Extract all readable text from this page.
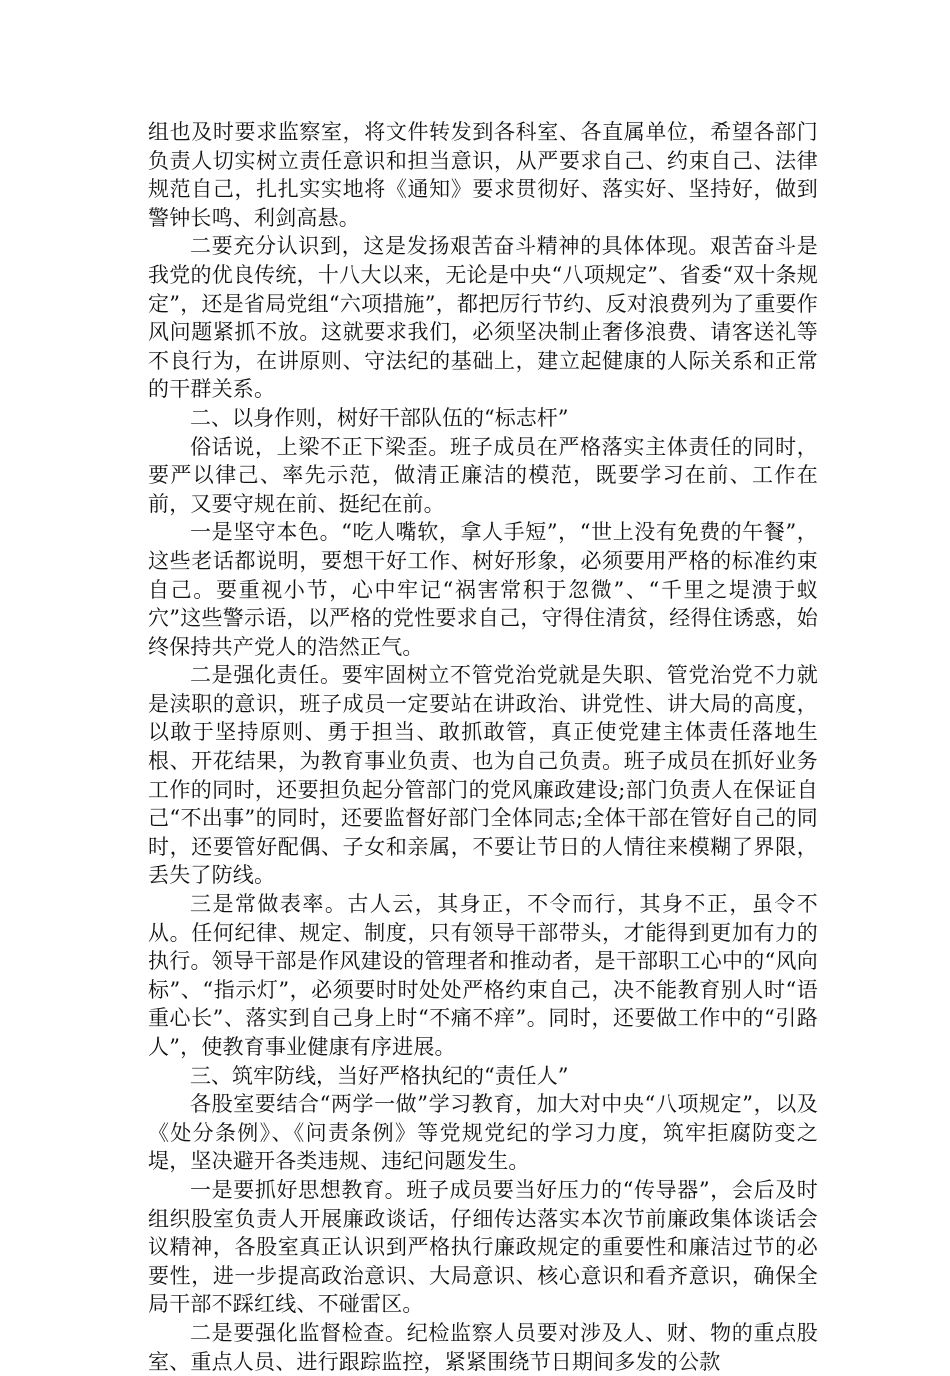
组也及时要求监察室，将文件转发到各科室、各直属单位，希望各部门负责人切实树立责任意识和担当意识，从严要求自己、约束自己、法律规范自己，扎扎实实地将《通知》要求贯彻好、落实好、坚持好，做到警钟长鸣、利剑高悬。

二要充分认识到，这是发扬艰苦奋斗精神的具体体现。艰苦奋斗是我党的优良传统，十八大以来，无论是中央“八项规定”、省委“双十条规定”，还是省局党组“六项措施”，都把厉行节约、反对浪费列为了重要作风问题紧抓不放。这就要求我们，必须坚决制止奢侈浪费、请客送礼等不良行为，在讲原则、守法纪的基础上，建立起健康的人际关系和正常的干群关系。

二、以身作则，树好干部队伍的“标志杆”

俗话说，上梁不正下梁歪。班子成员在严格落实主体责任的同时，要严以律己、率先示范，做清正廉洁的模范，既要学习在前、工作在前，又要守规在前、挺纪在前。

一是坚守本色。“吃人嘴软，拿人手短”，“世上没有免费的午餐”，这些老话都说明，要想干好工作、树好形象，必须要用严格的标准约束自己。要重视小节，心中牢记“祸害常积于忽微”、“千里之堤溃于蚁穴”这些警示语，以严格的党性要求自己，守得住清贫，经得住诱惑，始终保持共产党人的浩然正气。

二是强化责任。要牢固树立不管党治党就是失职、管党治党不力就是渎职的意识，班子成员一定要站在讲政治、讲党性、讲大局的高度，以敢于坚持原则、勇于担当、敢抓敢管，真正使党建主体责任落地生根、开花结果，为教育事业负责、也为自己负责。班子成员在抓好业务工作的同时，还要担负起分管部门的党风廉政建设;部门负责人在保证自己“不出事”的同时，还要监督好部门全体同志;全体干部在管好自己的同时，还要管好配偶、子女和亲属，不要让节日的人情往来模糊了界限，丢失了防线。

三是常做表率。古人云，其身正，不令而行，其身不正，虽令不从。任何纪律、规定、制度，只有领导干部带头，才能得到更加有力的执行。领导干部是作风建设的管理者和推动者，是干部职工心中的“风向标”、“指示灯”，必须要时时处处严格约束自己，决不能教育别人时“语重心长”、落实到自己身上时“不痛不痒”。同时，还要做工作中的“引路人”，使教育事业健康有序进展。

三、筑牢防线，当好严格执纪的“责任人”

各股室要结合“两学一做”学习教育，加大对中央“八项规定”，以及《处分条例》、《问责条例》等党规党纪的学习力度，筑牢拒腐防变之堤，坚决避开各类违规、违纪问题发生。

一是要抓好思想教育。班子成员要当好压力的“传导器”，会后及时组织股室负责人开展廉政谈话，仔细传达落实本次节前廉政集体谈话会议精神，各股室真正认识到严格执行廉政规定的重要性和廉洁过节的必要性，进一步提高政治意识、大局意识、核心意识和看齐意识，确保全局干部不踩红线、不碰雷区。

二是要强化监督检查。纪检监察人员要对涉及人、财、物的重点股室、重点人员、进行跟踪监控，紧紧围绕节日期间多发的公款
